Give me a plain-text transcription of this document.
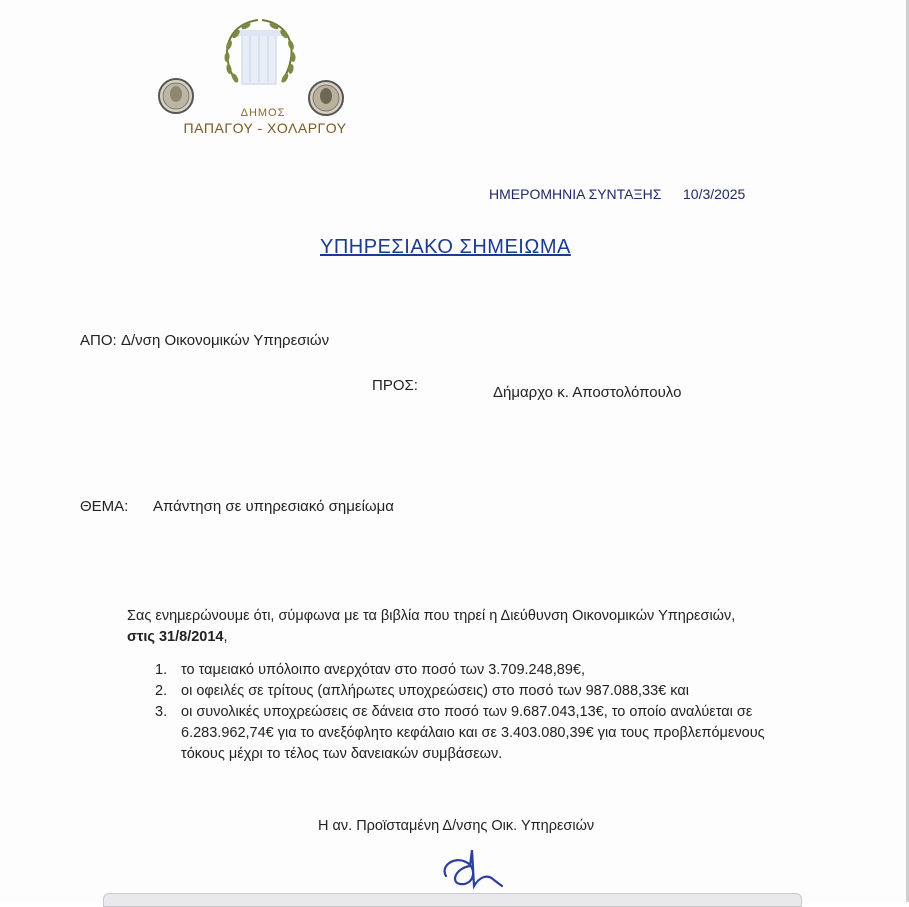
ΔΗΜΟΣ
ΠΑΠΑΓΟΥ - ΧΟΛΑΡΓΟΥ
ΗΜΕΡΟΜΗΝΙΑ ΣΥΝΤΑΞΗΣ 10/3/2025
ΥΠΗΡΕΣΙΑΚΟ ΣΗΜΕΙΩΜΑ
ΑΠΟ: Δ/νση Οικονομικών Υπηρεσιών
ΠΡΟΣ:	Δήμαρχο κ. Αποστολόπουλο
ΘΕΜΑ: Απάντηση σε υπηρεσιακό σημείωμα
Σας ενημερώνουμε ότι, σύμφωνα με τα βιβλία που τηρεί η Διεύθυνση Οικονομικών Υπηρεσιών, στις 31/8/2014,
1. το ταμειακό υπόλοιπο ανερχόταν στο ποσό των 3.709.248,89€,
2. οι οφειλές σε τρίτους (απλήρωτες υποχρεώσεις) στο ποσό των 987.088,33€ και
3. οι συνολικές υποχρεώσεις σε δάνεια στο ποσό των 9.687.043,13€, το οποίο αναλύεται σε 6.283.962,74€ για το ανεξόφλητο κεφάλαιο και σε 3.403.080,39€ για τους προβλεπόμενους τόκους μέχρι το τέλος των δανειακών συμβάσεων.
Η αν. Προϊσταμένη Δ/νσης Οικ. Υπηρεσιών
